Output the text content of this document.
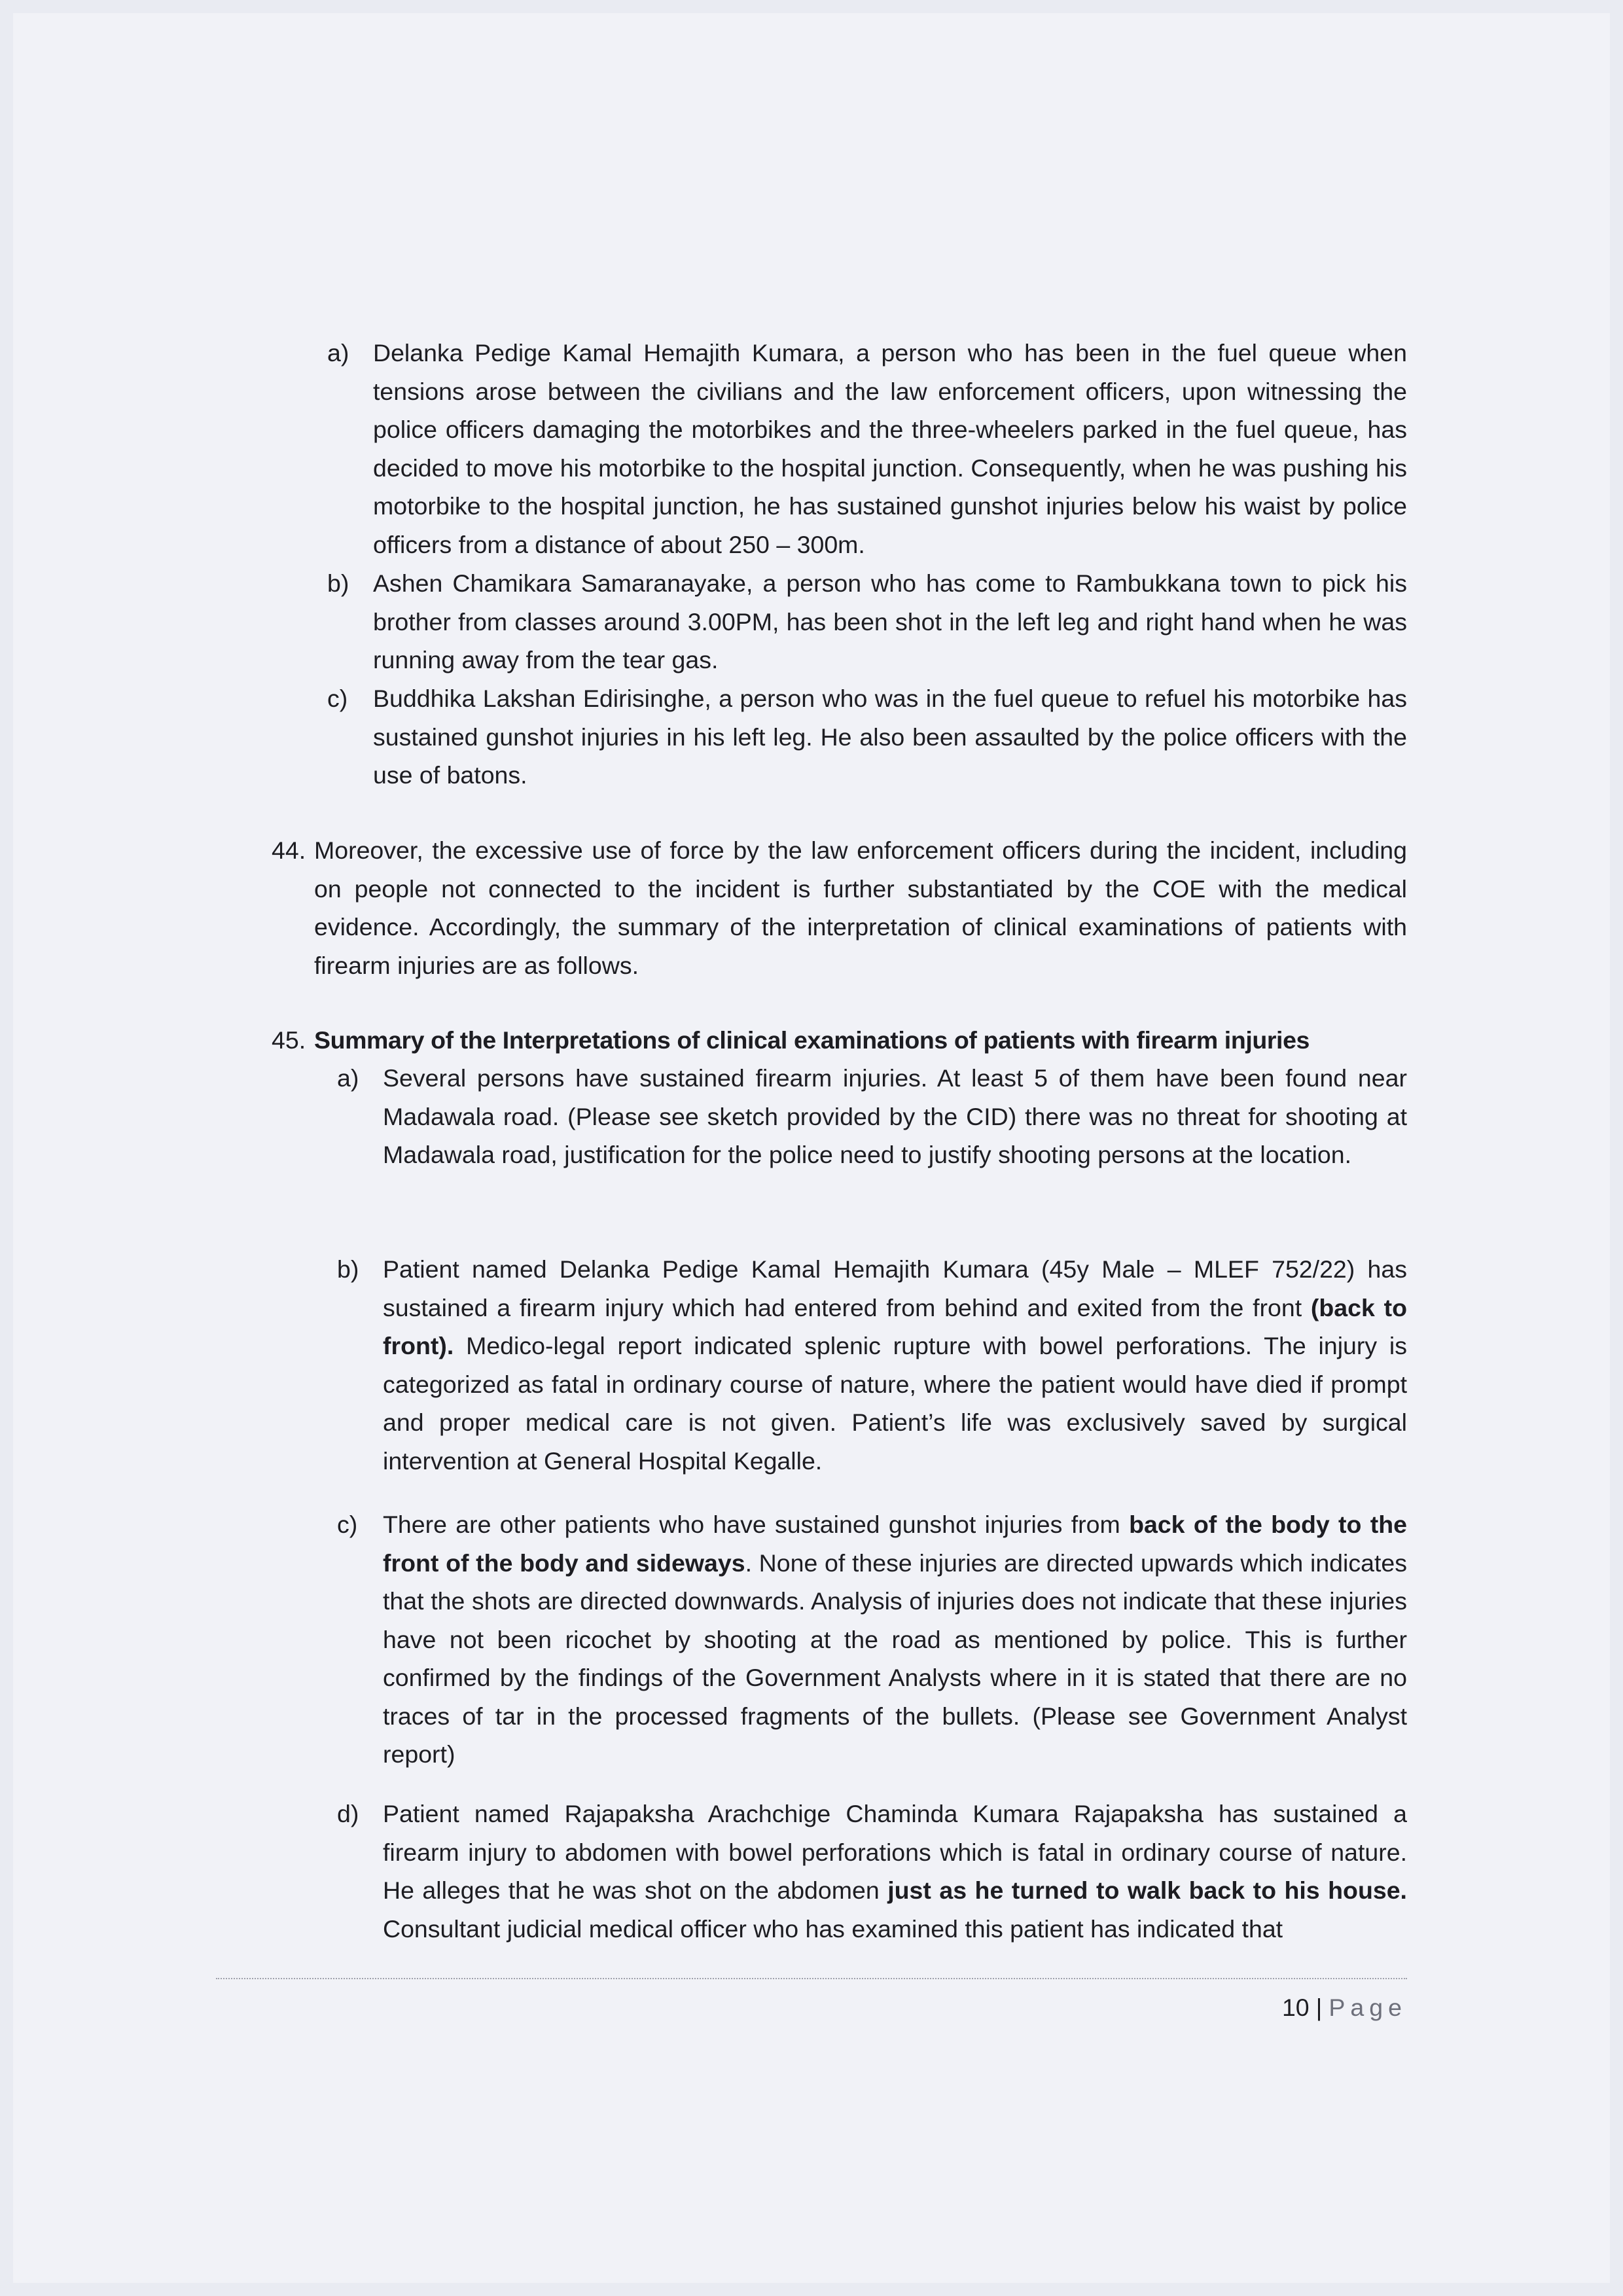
a) Delanka Pedige Kamal Hemajith Kumara, a person who has been in the fuel queue when tensions arose between the civilians and the law enforcement officers, upon witnessing the police officers damaging the motorbikes and the three-wheelers parked in the fuel queue, has decided to move his motorbike to the hospital junction. Consequently, when he was pushing his motorbike to the hospital junction, he has sustained gunshot injuries below his waist by police officers from a distance of about 250 – 300m.
b) Ashen Chamikara Samaranayake, a person who has come to Rambukkana town to pick his brother from classes around 3.00PM, has been shot in the left leg and right hand when he was running away from the tear gas.
c) Buddhika Lakshan Edirisinghe, a person who was in the fuel queue to refuel his motorbike has sustained gunshot injuries in his left leg. He also been assaulted by the police officers with the use of batons.
44. Moreover, the excessive use of force by the law enforcement officers during the incident, including on people not connected to the incident is further substantiated by the COE with the medical evidence. Accordingly, the summary of the interpretation of clinical examinations of patients with firearm injuries are as follows.
45. Summary of the Interpretations of clinical examinations of patients with firearm injuries
a) Several persons have sustained firearm injuries. At least 5 of them have been found near Madawala road. (Please see sketch provided by the CID) there was no threat for shooting at Madawala road, justification for the police need to justify shooting persons at the location.
b) Patient named Delanka Pedige Kamal Hemajith Kumara (45y Male – MLEF 752/22) has sustained a firearm injury which had entered from behind and exited from the front (back to front). Medico-legal report indicated splenic rupture with bowel perforations. The injury is categorized as fatal in ordinary course of nature, where the patient would have died if prompt and proper medical care is not given. Patient’s life was exclusively saved by surgical intervention at General Hospital Kegalle.
c) There are other patients who have sustained gunshot injuries from back of the body to the front of the body and sideways. None of these injuries are directed upwards which indicates that the shots are directed downwards. Analysis of injuries does not indicate that these injuries have not been ricochet by shooting at the road as mentioned by police. This is further confirmed by the findings of the Government Analysts where in it is stated that there are no traces of tar in the processed fragments of the bullets. (Please see Government Analyst report)
d) Patient named Rajapaksha Arachchige Chaminda Kumara Rajapaksha has sustained a firearm injury to abdomen with bowel perforations which is fatal in ordinary course of nature. He alleges that he was shot on the abdomen just as he turned to walk back to his house. Consultant judicial medical officer who has examined this patient has indicated that
10 | Page
